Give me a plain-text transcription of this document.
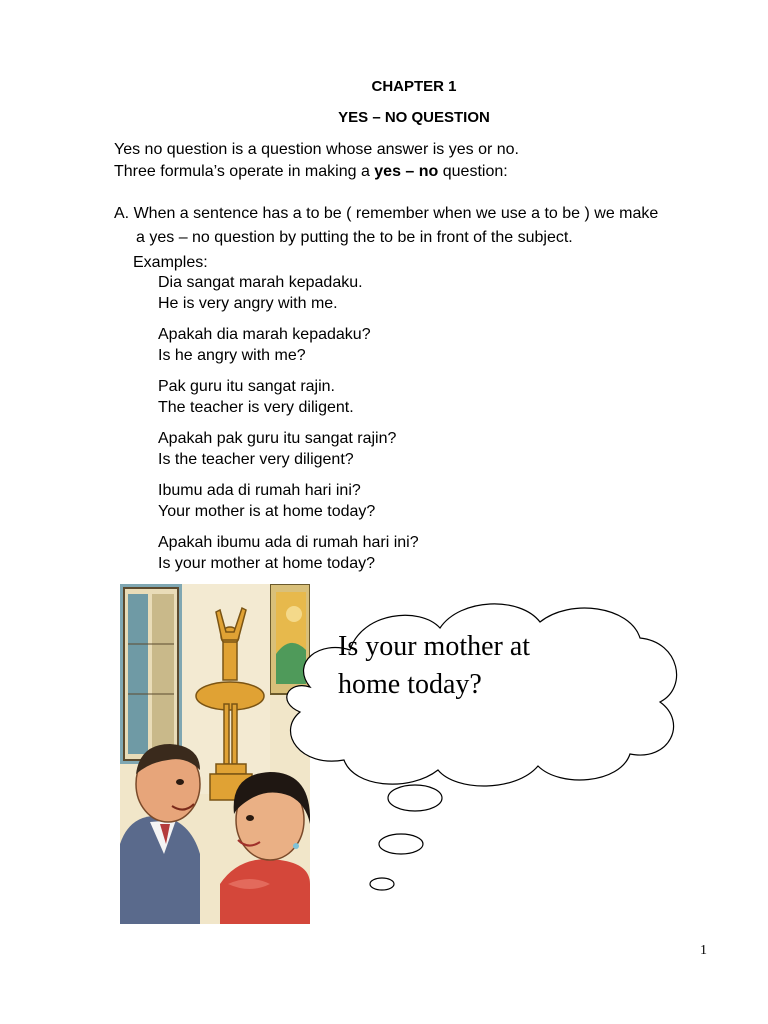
CHAPTER 1
YES – NO QUESTION
Yes no question is a question whose answer is yes or no.
Three formula’s operate in making a yes – no question:
A. When a sentence has a to be ( remember when we use a to be ) we make
a yes – no question by putting the to be in front of the subject.
Examples:
Dia sangat marah kepadaku.
He is very angry with me.
Apakah dia marah kepadaku?
Is he angry with me?
Pak guru itu sangat rajin.
The teacher is very diligent.
Apakah pak guru itu sangat rajin?
Is the teacher very diligent?
Ibumu ada di rumah hari ini?
Your mother is at home today?
Apakah ibumu ada di rumah hari ini?
Is your mother at home today?
Is your mother at
home today?
1
